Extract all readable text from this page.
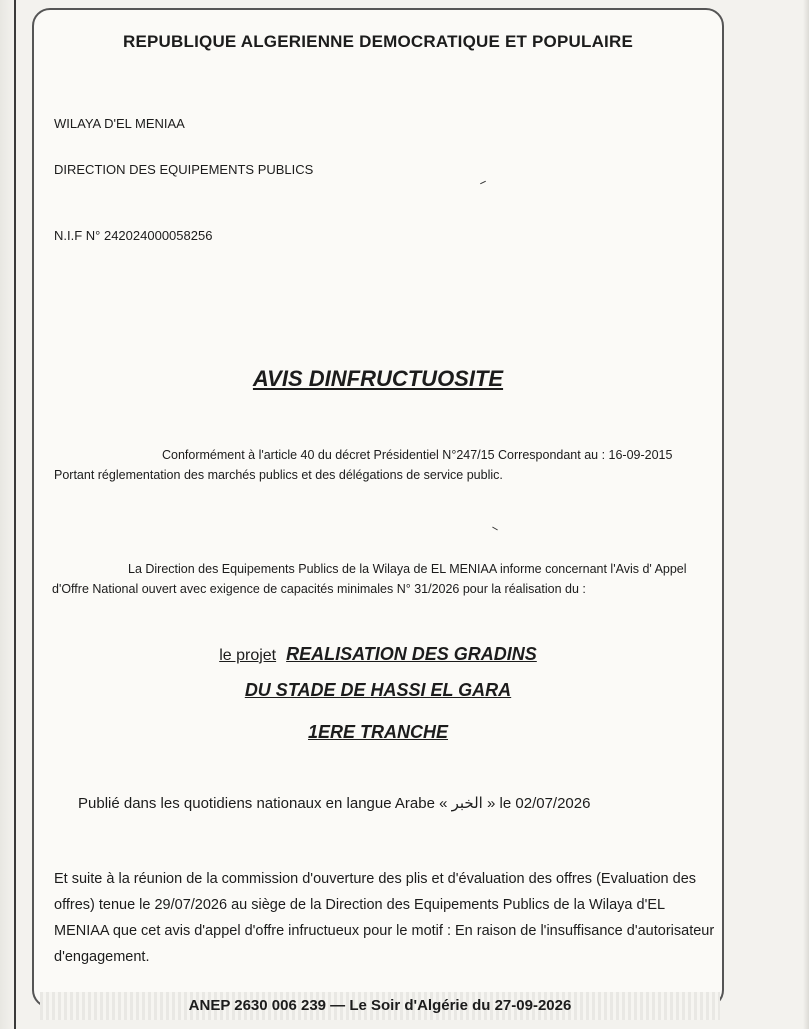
REPUBLIQUE ALGERIENNE DEMOCRATIQUE ET POPULAIRE
WILAYA D'EL MENIAA
DIRECTION DES EQUIPEMENTS PUBLICS
N.I.F N° 242024000058256
AVIS DINFRUCTUOSITE
Conformément à l'article 40 du décret Présidentiel N°247/15 Correspondant au : 16-09-2015
Portant réglementation des marchés publics et des délégations de service public.
La Direction des Equipements Publics de la Wilaya de EL MENIAA informe concernant l'Avis d' Appel
d'Offre National ouvert avec exigence de capacités minimales N° 31/2026 pour la réalisation du :
le projet REALISATION DES GRADINS
DU STADE DE HASSI EL GARA
1ERE TRANCHE
Publié dans les quotidiens nationaux en langue Arabe « الخبر » le 02/07/2026
Et suite à la réunion de la commission d'ouverture des plis et d'évaluation des offres (Evaluation des offres) tenue le 29/07/2026 au siège de la Direction des Equipements Publics de la Wilaya d'EL MENIAA que cet avis d'appel d'offre infructueux pour le motif : En raison de l'insuffisance d'autorisateur d'engagement.
ANEP 2630 006 239 — Le Soir d'Algérie du 27-09-2026
